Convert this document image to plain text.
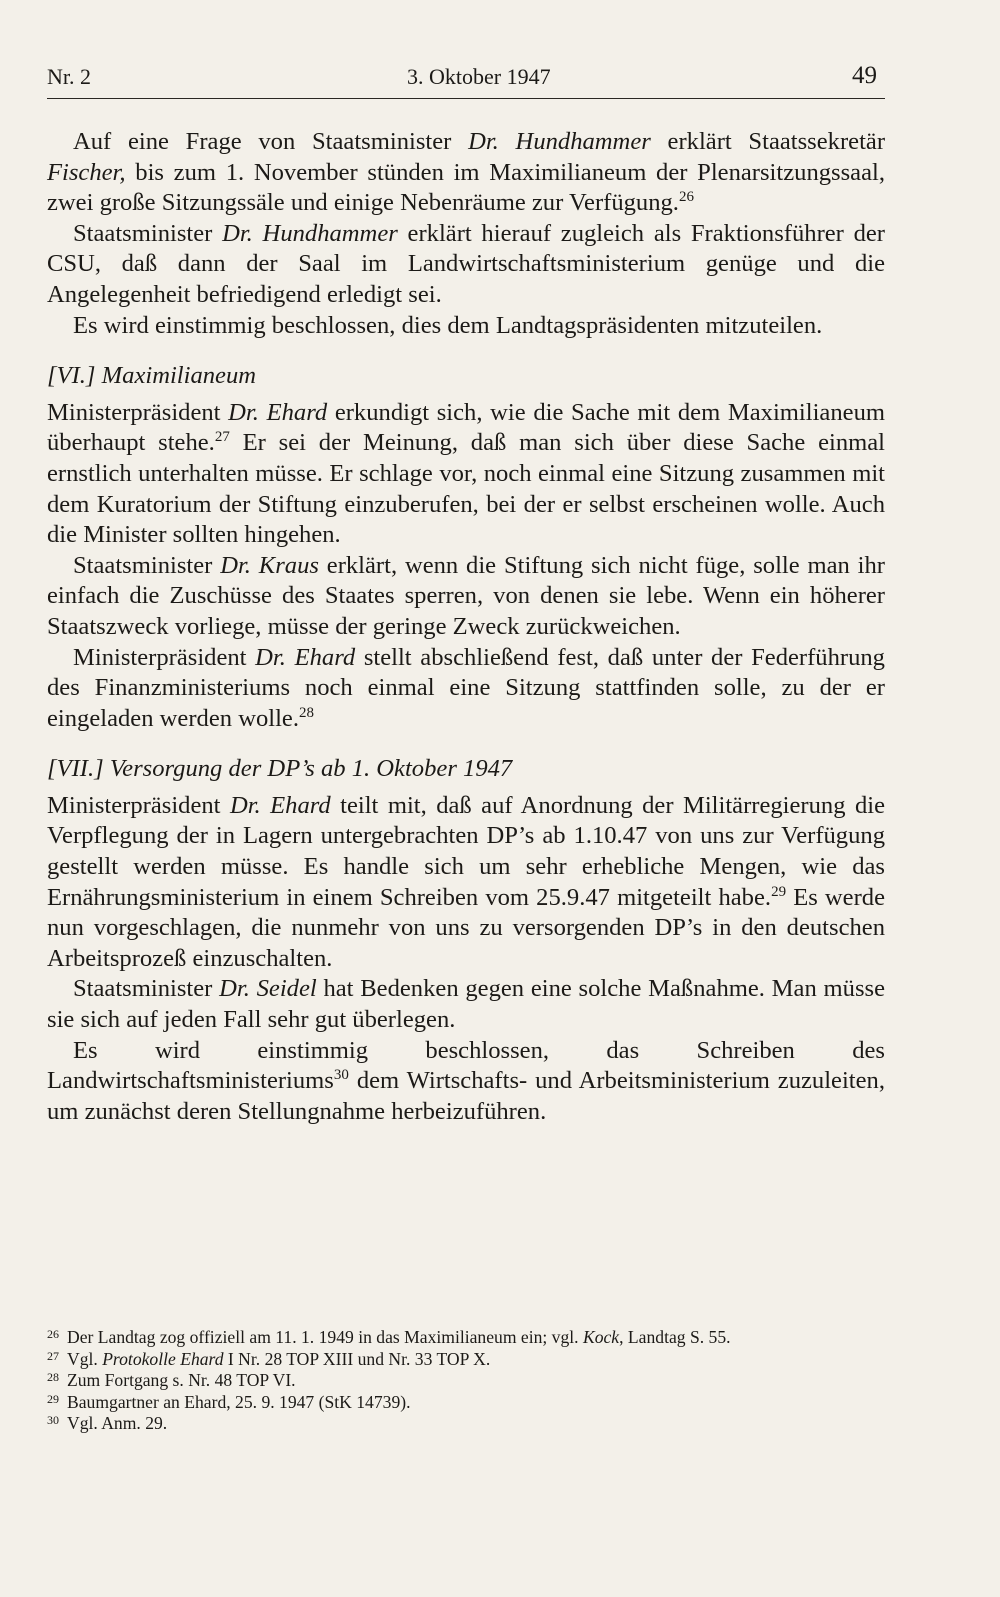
Nr. 2	3. Oktober 1947	49

Auf eine Frage von Staatsminister Dr. Hundhammer erklärt Staatssekretär Fischer, bis zum 1. November stünden im Maximilianeum der Plenarsitzungssaal, zwei große Sitzungssäle und einige Nebenräume zur Verfügung.$^{26}$

Staatsminister Dr. Hundhammer erklärt hierauf zugleich als Fraktionsführer der CSU, daß dann der Saal im Landwirtschaftsministerium genüge und die Angelegenheit befriedigend erledigt sei.

Es wird einstimmig beschlossen, dies dem Landtagspräsidenten mitzuteilen.

[VI.] Maximilianeum

Ministerpräsident Dr. Ehard erkundigt sich, wie die Sache mit dem Maximilianeum überhaupt stehe.$^{27}$ Er sei der Meinung, daß man sich über diese Sache einmal ernstlich unterhalten müsse. Er schlage vor, noch einmal eine Sitzung zusammen mit dem Kuratorium der Stiftung einzuberufen, bei der er selbst erscheinen wolle. Auch die Minister sollten hingehen.

Staatsminister Dr. Kraus erklärt, wenn die Stiftung sich nicht füge, solle man ihr einfach die Zuschüsse des Staates sperren, von denen sie lebe. Wenn ein höherer Staatszweck vorliege, müsse der geringe Zweck zurückweichen.

Ministerpräsident Dr. Ehard stellt abschließend fest, daß unter der Federführung des Finanzministeriums noch einmal eine Sitzung stattfinden solle, zu der er eingeladen werden wolle.$^{28}$

[VII.] Versorgung der DP’s ab 1. Oktober 1947

Ministerpräsident Dr. Ehard teilt mit, daß auf Anordnung der Militärregierung die Verpflegung der in Lagern untergebrachten DP’s ab 1.10.47 von uns zur Verfügung gestellt werden müsse. Es handle sich um sehr erhebliche Mengen, wie das Ernährungsministerium in einem Schreiben vom 25.9.47 mitgeteilt habe.$^{29}$ Es werde nun vorgeschlagen, die nunmehr von uns zu versorgenden DP’s in den deutschen Arbeitsprozeß einzuschalten.

Staatsminister Dr. Seidel hat Bedenken gegen eine solche Maßnahme. Man müsse sie sich auf jeden Fall sehr gut überlegen.

Es wird einstimmig beschlossen, das Schreiben des Landwirtschaftsministeriums$^{30}$ dem Wirtschafts- und Arbeitsministerium zuzuleiten, um zunächst deren Stellungnahme herbeizuführen.

26 Der Landtag zog offiziell am 11. 1. 1949 in das Maximilianeum ein; vgl. Kock, Landtag S. 55.
27 Vgl. Protokolle Ehard I Nr. 28 TOP XIII und Nr. 33 TOP X.
28 Zum Fortgang s. Nr. 48 TOP VI.
29 Baumgartner an Ehard, 25. 9. 1947 (StK 14739).
30 Vgl. Anm. 29.
